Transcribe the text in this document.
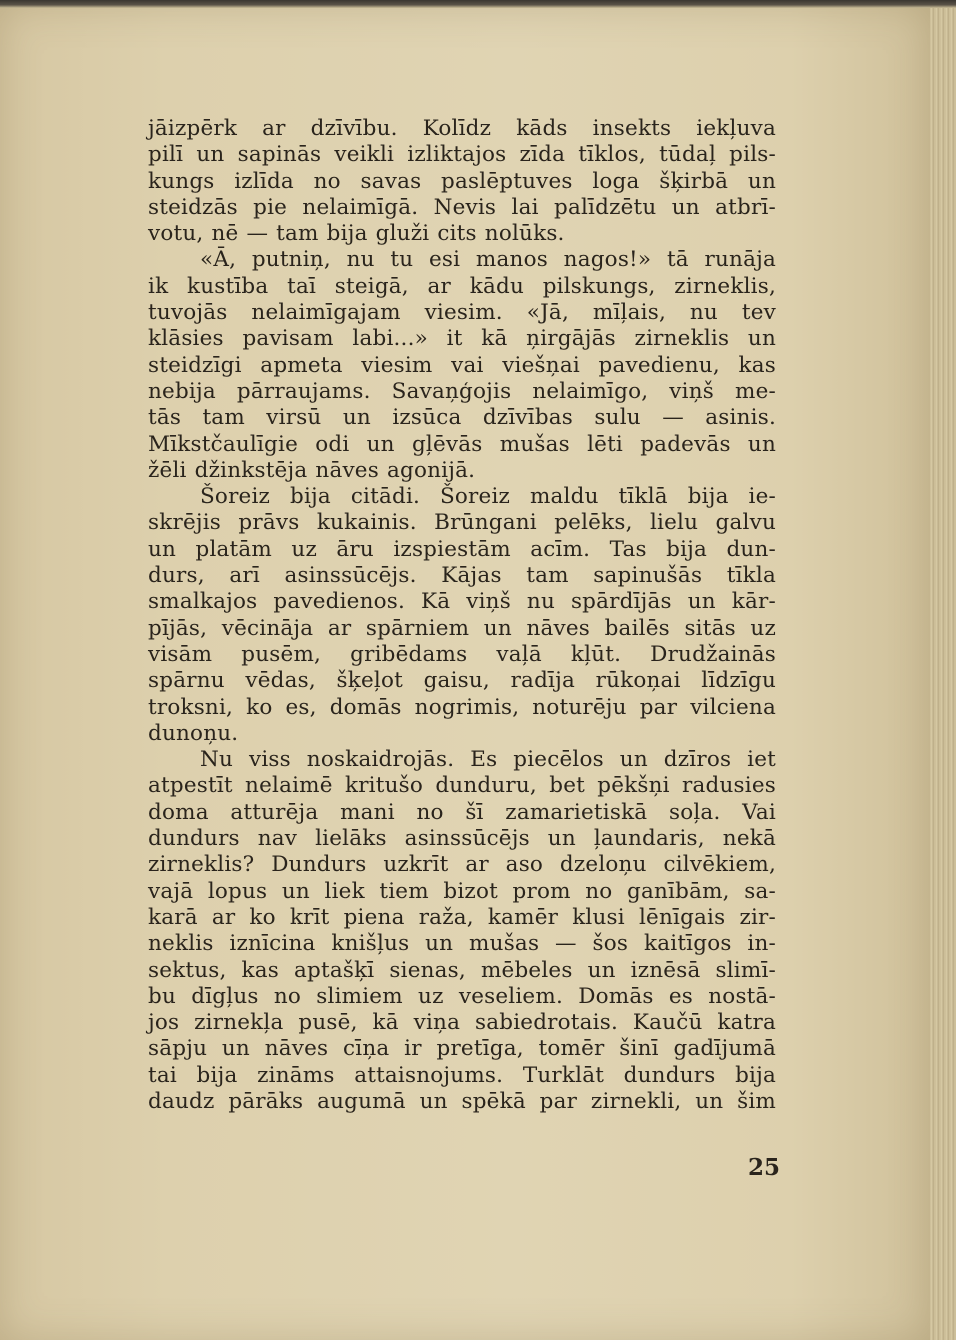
jāizpērk ar dzīvību. Kolīdz kāds insekts iekļuva
pilī un sapinās veikli izliktajos zīda tīklos, tūdaļ pils-
kungs izlīda no savas paslēptuves loga šķirbā un
steidzās pie nelaimīgā. Nevis lai palīdzētu un atbrī-
votu, nē — tam bija gluži cits nolūks.
«Ā, putniņ, nu tu esi manos nagos!» tā runāja
ik kustība taī steigā, ar kādu pilskungs, zirneklis,
tuvojās nelaimīgajam viesim. «Jā, mīļais, nu tev
klāsies pavisam labi...» it kā ņirgājās zirneklis un
steidzīgi apmeta viesim vai viešņai pavedienu, kas
nebija pārraujams. Savaņģojis nelaimīgo, viņš me-
tās tam virsū un izsūca dzīvības sulu — asinis.
Mīkstčaulīgie odi un gļēvās mušas lēti padevās un
žēli džinkstēja nāves agonijā.
Šoreiz bija citādi. Šoreiz maldu tīklā bija ie-
skrējis prāvs kukainis. Brūngani pelēks, lielu galvu
un platām uz āru izspiestām acīm. Tas bija dun-
durs, arī asinssūcējs. Kājas tam sapinušās tīkla
smalkajos pavedienos. Kā viņš nu spārdījās un kār-
pījās, vēcināja ar spārniem un nāves bailēs sitās uz
visām pusēm, gribēdams vaļā kļūt. Drudžainās
spārnu vēdas, šķeļot gaisu, radīja rūkoņai līdzīgu
troksni, ko es, domās nogrimis, noturēju par vilciena
dunoņu.
Nu viss noskaidrojās. Es piecēlos un dzīros iet
atpestīt nelaimē kritušo dunduru, bet pēkšņi radusies
doma atturēja mani no šī zamarietiskā soļa. Vai
dundurs nav lielāks asinssūcējs un ļaundaris, nekā
zirneklis? Dundurs uzkrīt ar aso dzeloņu cilvēkiem,
vajā lopus un liek tiem bizot prom no ganībām, sa-
karā ar ko krīt piena raža, kamēr klusi lēnīgais zir-
neklis iznīcina knišļus un mušas — šos kaitīgos in-
sektus, kas aptašķī sienas, mēbeles un iznēsā slimī-
bu dīgļus no slimiem uz veseliem. Domās es nostā-
jos zirnekļa pusē, kā viņa sabiedrotais. Kaučū katra
sāpju un nāves cīņa ir pretīga, tomēr šinī gadījumā
tai bija zināms attaisnojums. Turklāt dundurs bija
daudz pārāks augumā un spēkā par zirnekli, un šim
25
